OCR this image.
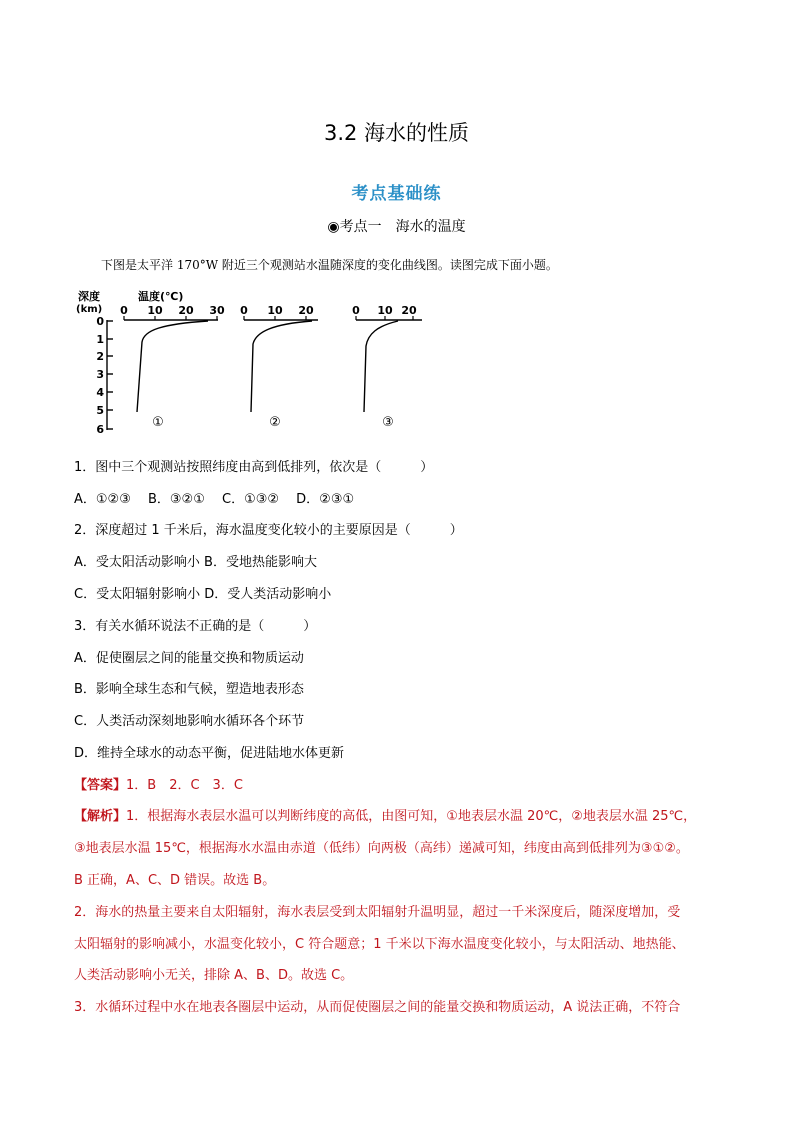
3.2 海水的性质
考点基础练
◉考点一 海水的温度
下图是太平洋 170°W 附近三个观测站水温随深度的变化曲线图。读图完成下面小题。
深度
(km)
温度(℃)
0
1
2
3
4
5
6
0 10 20 30
①
0 10 20
②
0 10 20
③
1．图中三个观测站按照纬度由高到低排列，依次是（　　　）
A．①②③　 B．③②①　 C．①③②　 D．②③①
2．深度超过 1 千米后，海水温度变化较小的主要原因是（　　　）
A．受太阳活动影响小 B．受地热能影响大
C．受太阳辐射影响小 D．受人类活动影响小
3．有关水循环说法不正确的是（　　　）
A．促使圈层之间的能量交换和物质运动
B．影响全球生态和气候，塑造地表形态
C．人类活动深刻地影响水循环各个环节
D．维持全球水的动态平衡，促进陆地水体更新
【答案】1．B　2．C　3．C
【解析】1．根据海水表层水温可以判断纬度的高低，由图可知，①地表层水温 20℃，②地表层水温 25℃，
③地表层水温 15℃，根据海水水温由赤道（低纬）向两极（高纬）递减可知，纬度由高到低排列为③①②。
B 正确，A、C、D 错误。故选 B。
2．海水的热量主要来自太阳辐射，海水表层受到太阳辐射升温明显，超过一千米深度后，随深度增加，受
太阳辐射的影响减小，水温变化较小，C 符合题意；1 千米以下海水温度变化较小，与太阳活动、地热能、
人类活动影响小无关，排除 A、B、D。故选 C。
3．水循环过程中水在地表各圈层中运动，从而促使圈层之间的能量交换和物质运动，A 说法正确，不符合
